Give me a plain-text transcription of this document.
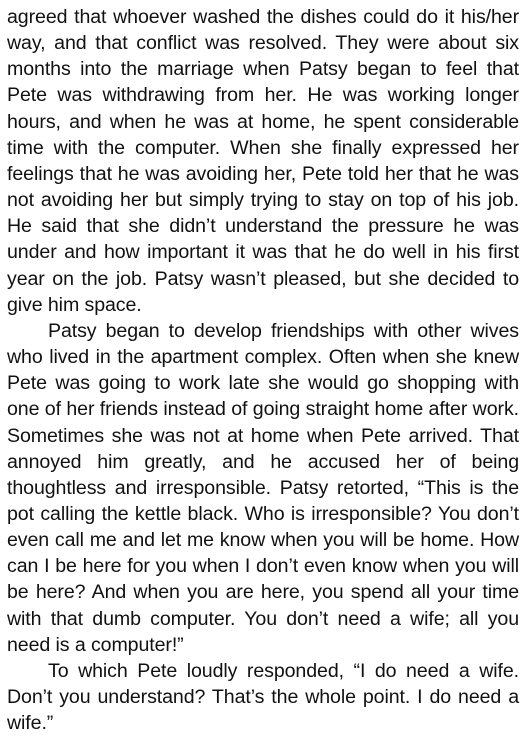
agreed that whoever washed the dishes could do it his/her way, and that conflict was resolved. They were about six months into the marriage when Patsy began to feel that Pete was withdrawing from her. He was working longer hours, and when he was at home, he spent considerable time with the computer. When she finally expressed her feelings that he was avoiding her, Pete told her that he was not avoiding her but simply trying to stay on top of his job. He said that she didn’t understand the pressure he was under and how important it was that he do well in his first year on the job. Patsy wasn’t pleased, but she decided to give him space.

Patsy began to develop friendships with other wives who lived in the apartment complex. Often when she knew Pete was going to work late she would go shopping with one of her friends instead of going straight home after work. Sometimes she was not at home when Pete arrived. That annoyed him greatly, and he accused her of being thoughtless and irresponsible. Patsy retorted, “This is the pot calling the kettle black. Who is irresponsible? You don’t even call me and let me know when you will be home. How can I be here for you when I don’t even know when you will be here? And when you are here, you spend all your time with that dumb computer. You don’t need a wife; all you need is a computer!”

To which Pete loudly responded, “I do need a wife. Don’t you understand? That’s the whole point. I do need a wife.”
